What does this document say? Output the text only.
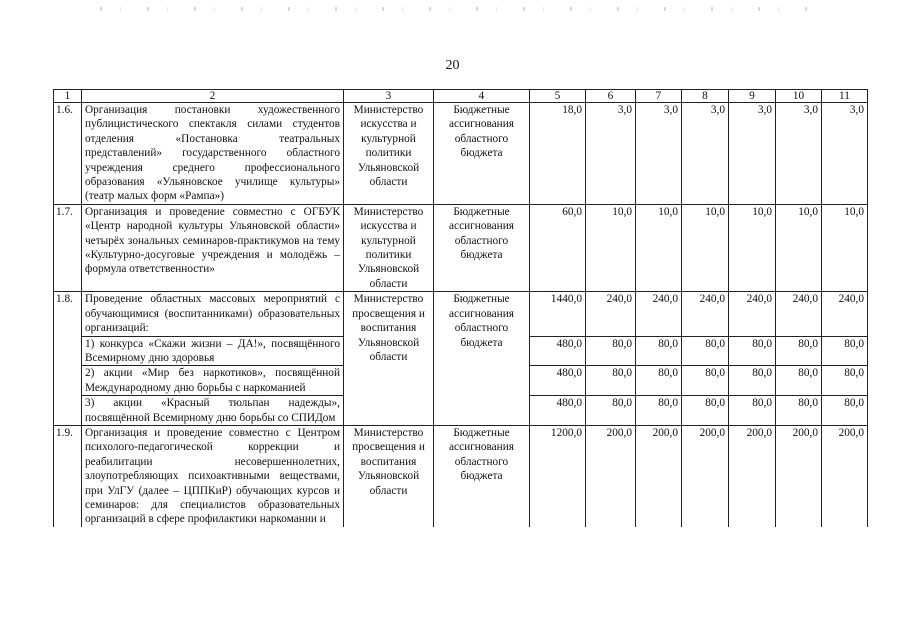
20
1	2	3	4	5	6	7	8	9	10	11
1.6.	Организация постановки художественного публицистического спектакля силами студентов отделения «Постановка театральных представлений» государственного областного учреждения среднего профессионального образования «Ульяновское училище культуры» (театр малых форм «Рампа»)	Министерство искусства и культурной политики Ульяновской области	Бюджетные ассигнования областного бюджета	18,0	3,0	3,0	3,0	3,0	3,0	3,0
1.7.	Организация и проведение совместно с ОГБУК «Центр народной культуры Ульяновской области» четырёх зональных семинаров-практикумов на тему «Культурно-досуговые учреждения и молодёжь – формула ответственности»	Министерство искусства и культурной политики Ульяновской области	Бюджетные ассигнования областного бюджета	60,0	10,0	10,0	10,0	10,0	10,0	10,0
1.8.	Проведение областных массовых мероприятий с обучающимися (воспитанниками) образовательных организаций:	Министерство просвещения и воспитания Ульяновской области	Бюджетные ассигнования областного бюджета	1440,0	240,0	240,0	240,0	240,0	240,0	240,0
	1) конкурса «Скажи жизни – ДА!», посвящённого Всемирному дню здоровья			480,0	80,0	80,0	80,0	80,0	80,0	80,0
	2) акции «Мир без наркотиков», посвящённой Международному дню борьбы с наркоманией			480,0	80,0	80,0	80,0	80,0	80,0	80,0
	3) акции «Красный тюльпан надежды», посвящённой Всемирному дню борьбы со СПИДом			480,0	80,0	80,0	80,0	80,0	80,0	80,0
1.9.	Организация и проведение совместно с Центром психолого-педагогической коррекции и реабилитации несовершеннолетних, злоупотребляющих психоактивными веществами, при УлГУ (далее – ЦППКиР) обучающих курсов и семинаров: для специалистов образовательных организаций в сфере профилактики наркомании и	Министерство просвещения и воспитания Ульяновской области	Бюджетные ассигнования областного бюджета	1200,0	200,0	200,0	200,0	200,0	200,0	200,0
